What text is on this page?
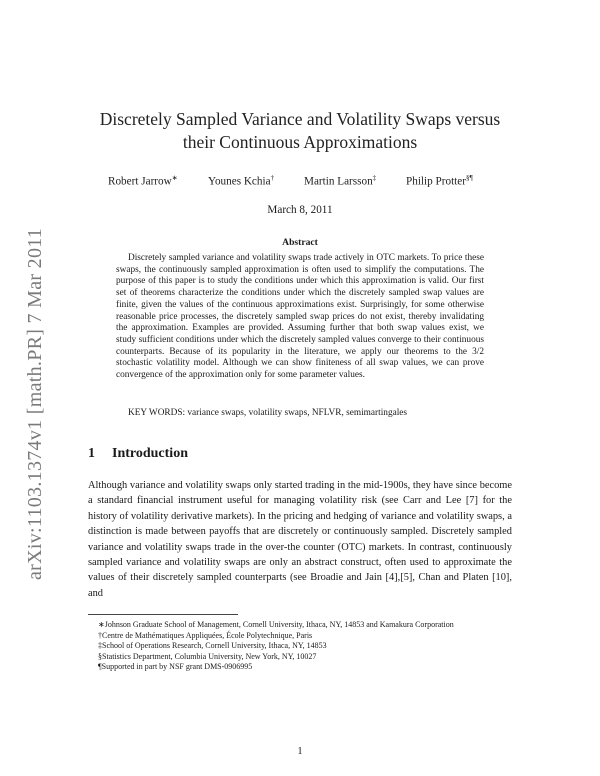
arXiv:1103.1374v1 [math.PR] 7 Mar 2011
Discretely Sampled Variance and Volatility Swaps versus
their Continuous Approximations
Robert Jarrow∗	Younes Kchia†	Martin Larsson‡	Philip Protter§¶
March 8, 2011
Abstract
Discretely sampled variance and volatility swaps trade actively in OTC markets. To price these swaps, the continuously sampled approximation is often used to simplify the computations. The purpose of this paper is to study the conditions under which this approximation is valid. Our first set of theorems characterize the conditions under which the discretely sampled swap values are finite, given the values of the continuous approximations exist. Surprisingly, for some otherwise reasonable price processes, the discretely sampled swap prices do not exist, thereby invalidating the approximation. Examples are provided. Assuming further that both swap values exist, we study sufficient conditions under which the discretely sampled values converge to their continuous counterparts. Because of its popularity in the literature, we apply our theorems to the 3/2 stochastic volatility model. Although we can show finiteness of all swap values, we can prove convergence of the approximation only for some parameter values.
KEY WORDS: variance swaps, volatility swaps, NFLVR, semimartingales
1 Introduction
Although variance and volatility swaps only started trading in the mid-1900s, they have since become a standard financial instrument useful for managing volatility risk (see Carr and Lee [7] for the history of volatility derivative markets). In the pricing and hedging of variance and volatility swaps, a distinction is made between payoffs that are discretely or continuously sampled. Discretely sampled variance and volatility swaps trade in the over-the counter (OTC) markets. In contrast, continuously sampled variance and volatility swaps are only an abstract construct, often used to approximate the values of their discretely sampled counterparts (see Broadie and Jain [4],[5], Chan and Platen [10], and
∗Johnson Graduate School of Management, Cornell University, Ithaca, NY, 14853 and Kamakura Corporation
†Centre de Mathématiques Appliquées, École Polytechnique, Paris
‡School of Operations Research, Cornell University, Ithaca, NY, 14853
§Statistics Department, Columbia University, New York, NY, 10027
¶Supported in part by NSF grant DMS-0906995
1
